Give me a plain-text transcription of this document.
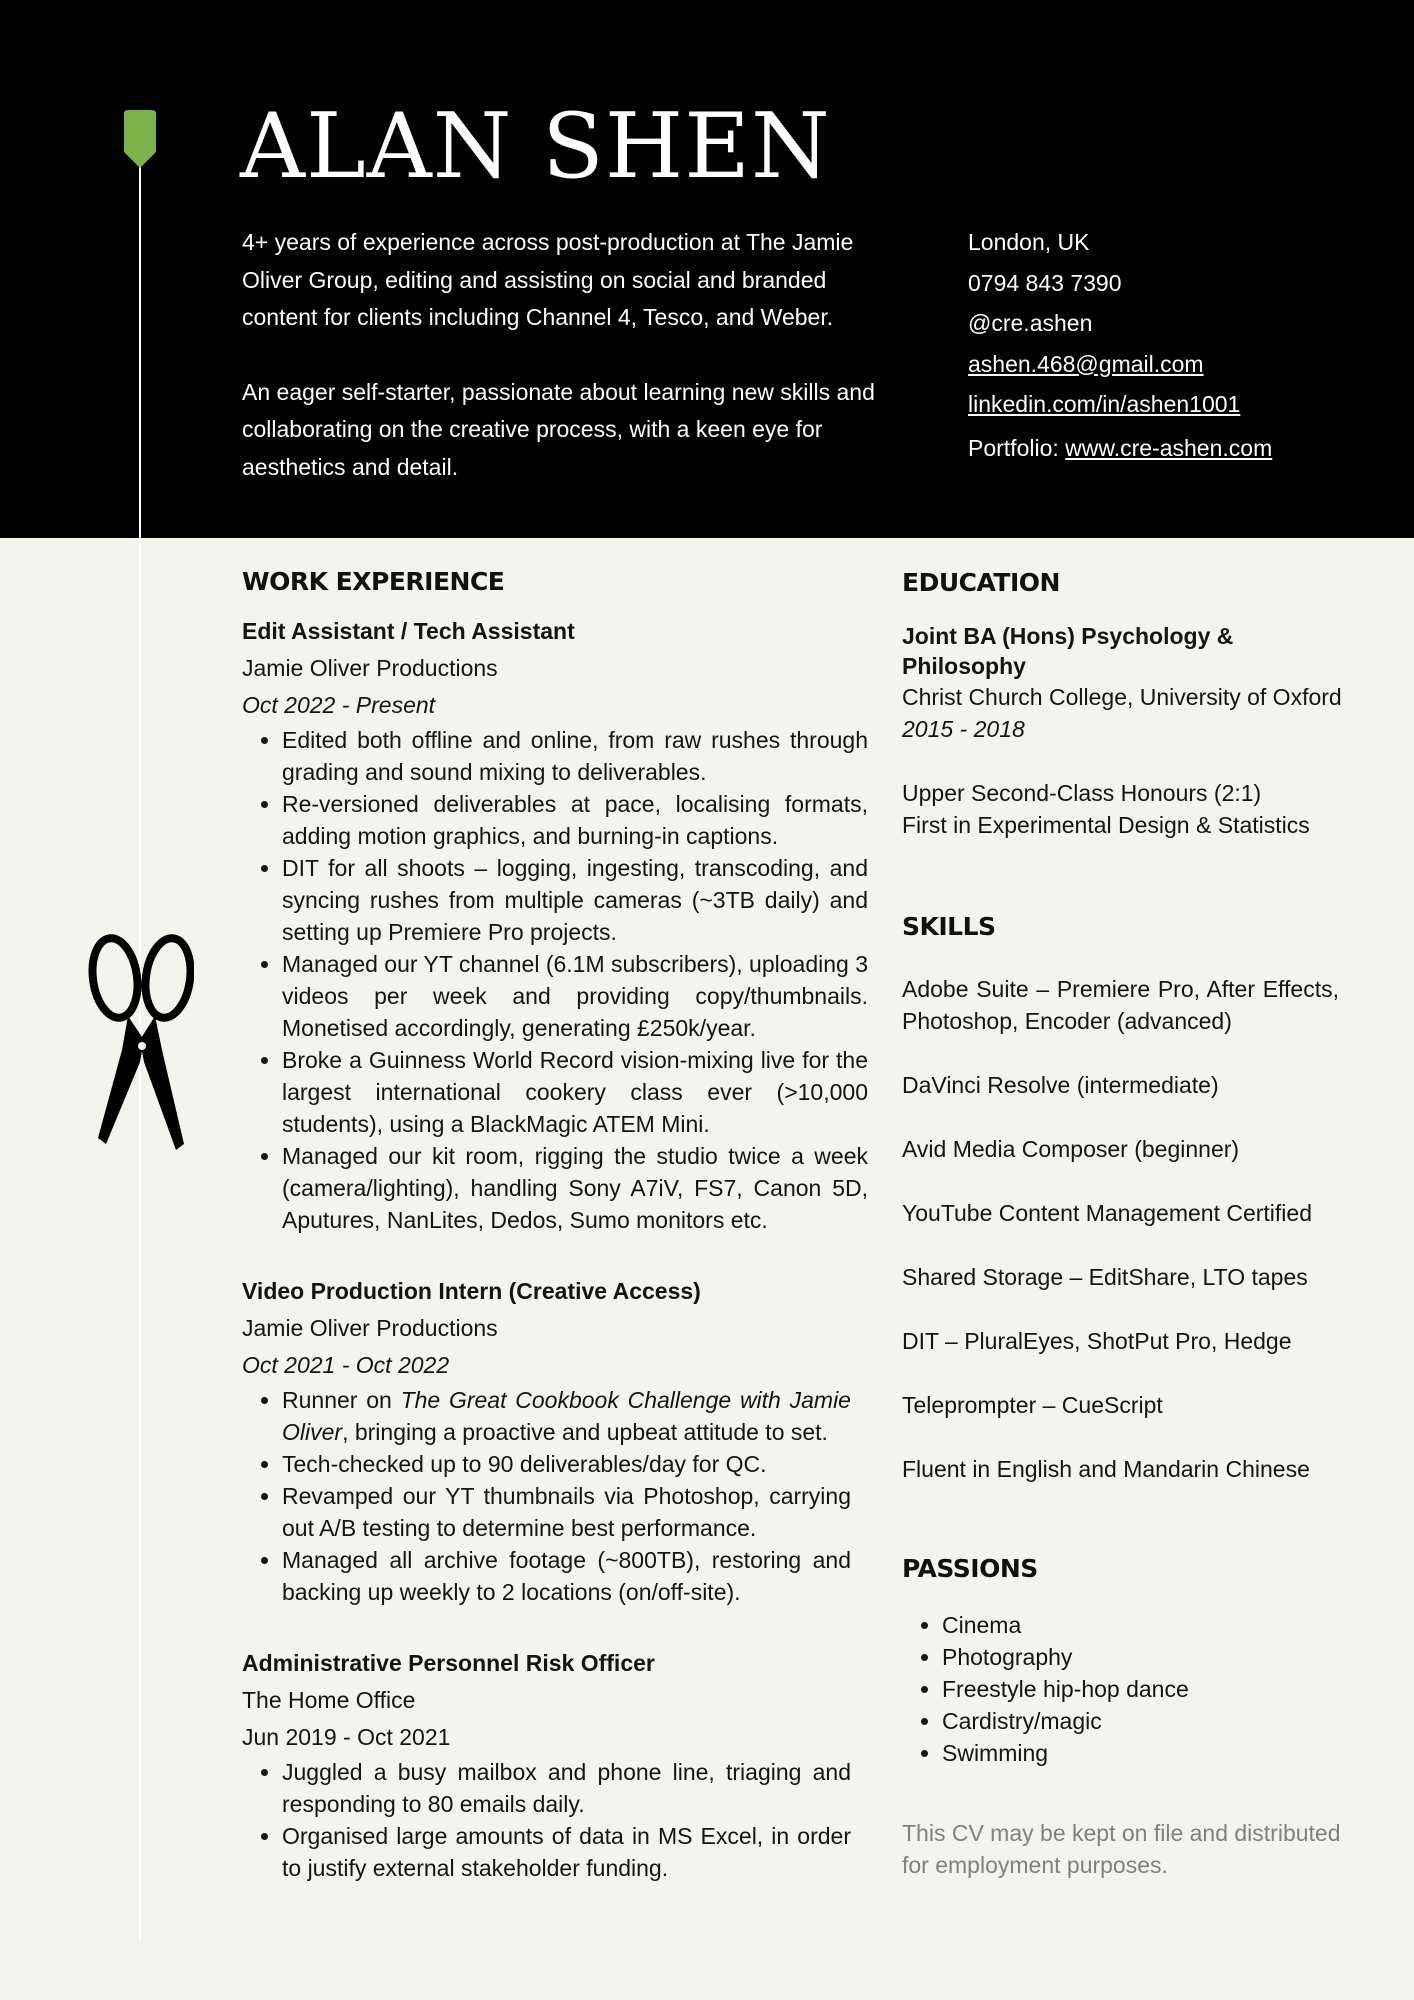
ALAN SHEN

4+ years of experience across post-production at The Jamie Oliver Group, editing and assisting on social and branded content for clients including Channel 4, Tesco, and Weber.

An eager self-starter, passionate about learning new skills and collaborating on the creative process, with a keen eye for aesthetics and detail.

London, UK
0794 843 7390
@cre.ashen
ashen.468@gmail.com
linkedin.com/in/ashen1001
Portfolio: www.cre-ashen.com
WORK EXPERIENCE
Edit Assistant / Tech Assistant
Jamie Oliver Productions
Oct 2022 - Present
• Edited both offline and online, from raw rushes through grading and sound mixing to deliverables.
• Re-versioned deliverables at pace, localising formats, adding motion graphics, and burning-in captions.
• DIT for all shoots – logging, ingesting, transcoding, and syncing rushes from multiple cameras (~3TB daily) and setting up Premiere Pro projects.
• Managed our YT channel (6.1M subscribers), uploading 3 videos per week and providing copy/thumbnails. Monetised accordingly, generating £250k/year.
• Broke a Guinness World Record vision-mixing live for the largest international cookery class ever (>10,000 students), using a BlackMagic ATEM Mini.
• Managed our kit room, rigging the studio twice a week (camera/lighting), handling Sony A7iV, FS7, Canon 5D, Aputures, NanLites, Dedos, Sumo monitors etc.
Video Production Intern (Creative Access)
Jamie Oliver Productions
Oct 2021 - Oct 2022
• Runner on The Great Cookbook Challenge with Jamie Oliver, bringing a proactive and upbeat attitude to set.
• Tech-checked up to 90 deliverables/day for QC.
• Revamped our YT thumbnails via Photoshop, carrying out A/B testing to determine best performance.
• Managed all archive footage (~800TB), restoring and backing up weekly to 2 locations (on/off-site).
Administrative Personnel Risk Officer
The Home Office
Jun 2019 - Oct 2021
• Juggled a busy mailbox and phone line, triaging and responding to 80 emails daily.
• Organised large amounts of data in MS Excel, in order to justify external stakeholder funding.
EDUCATION
Joint BA (Hons) Psychology & Philosophy
Christ Church College, University of Oxford
2015 - 2018
Upper Second-Class Honours (2:1)
First in Experimental Design & Statistics
SKILLS
Adobe Suite – Premiere Pro, After Effects, Photoshop, Encoder (advanced)
DaVinci Resolve (intermediate)
Avid Media Composer (beginner)
YouTube Content Management Certified
Shared Storage – EditShare, LTO tapes
DIT – PluralEyes, ShotPut Pro, Hedge
Teleprompter – CueScript
Fluent in English and Mandarin Chinese
PASSIONS
• Cinema
• Photography
• Freestyle hip-hop dance
• Cardistry/magic
• Swimming
This CV may be kept on file and distributed for employment purposes.
